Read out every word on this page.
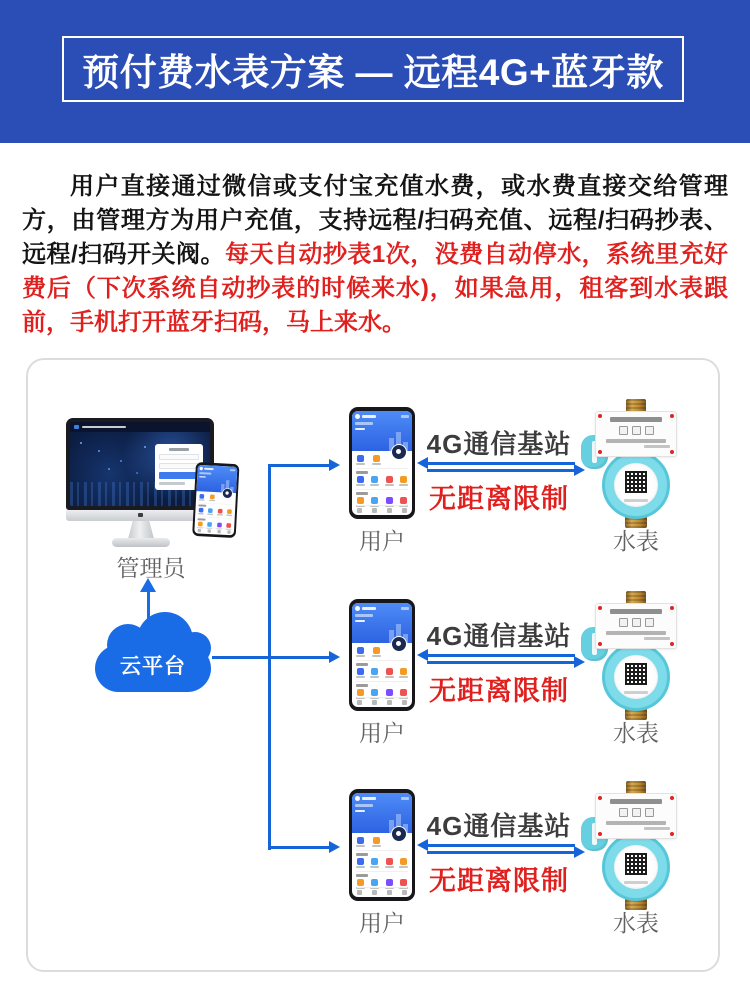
预付费水表方案 — 远程4G+蓝牙款

用户直接通过微信或支付宝充值水费，或水费直接交给管理方，由管理方为用户充值，支持远程/扫码充值、远程/扫码抄表、远程/扫码开关阀。每天自动抄表1次，没费自动停水，系统里充好费后（下次系统自动抄表的时候来水)，如果急用，租客到水表跟前，手机打开蓝牙扫码，马上来水。

管理员
云平台
用户
4G通信基站
无距离限制
水表
用户
4G通信基站
无距离限制
水表
用户
4G通信基站
无距离限制
水表
